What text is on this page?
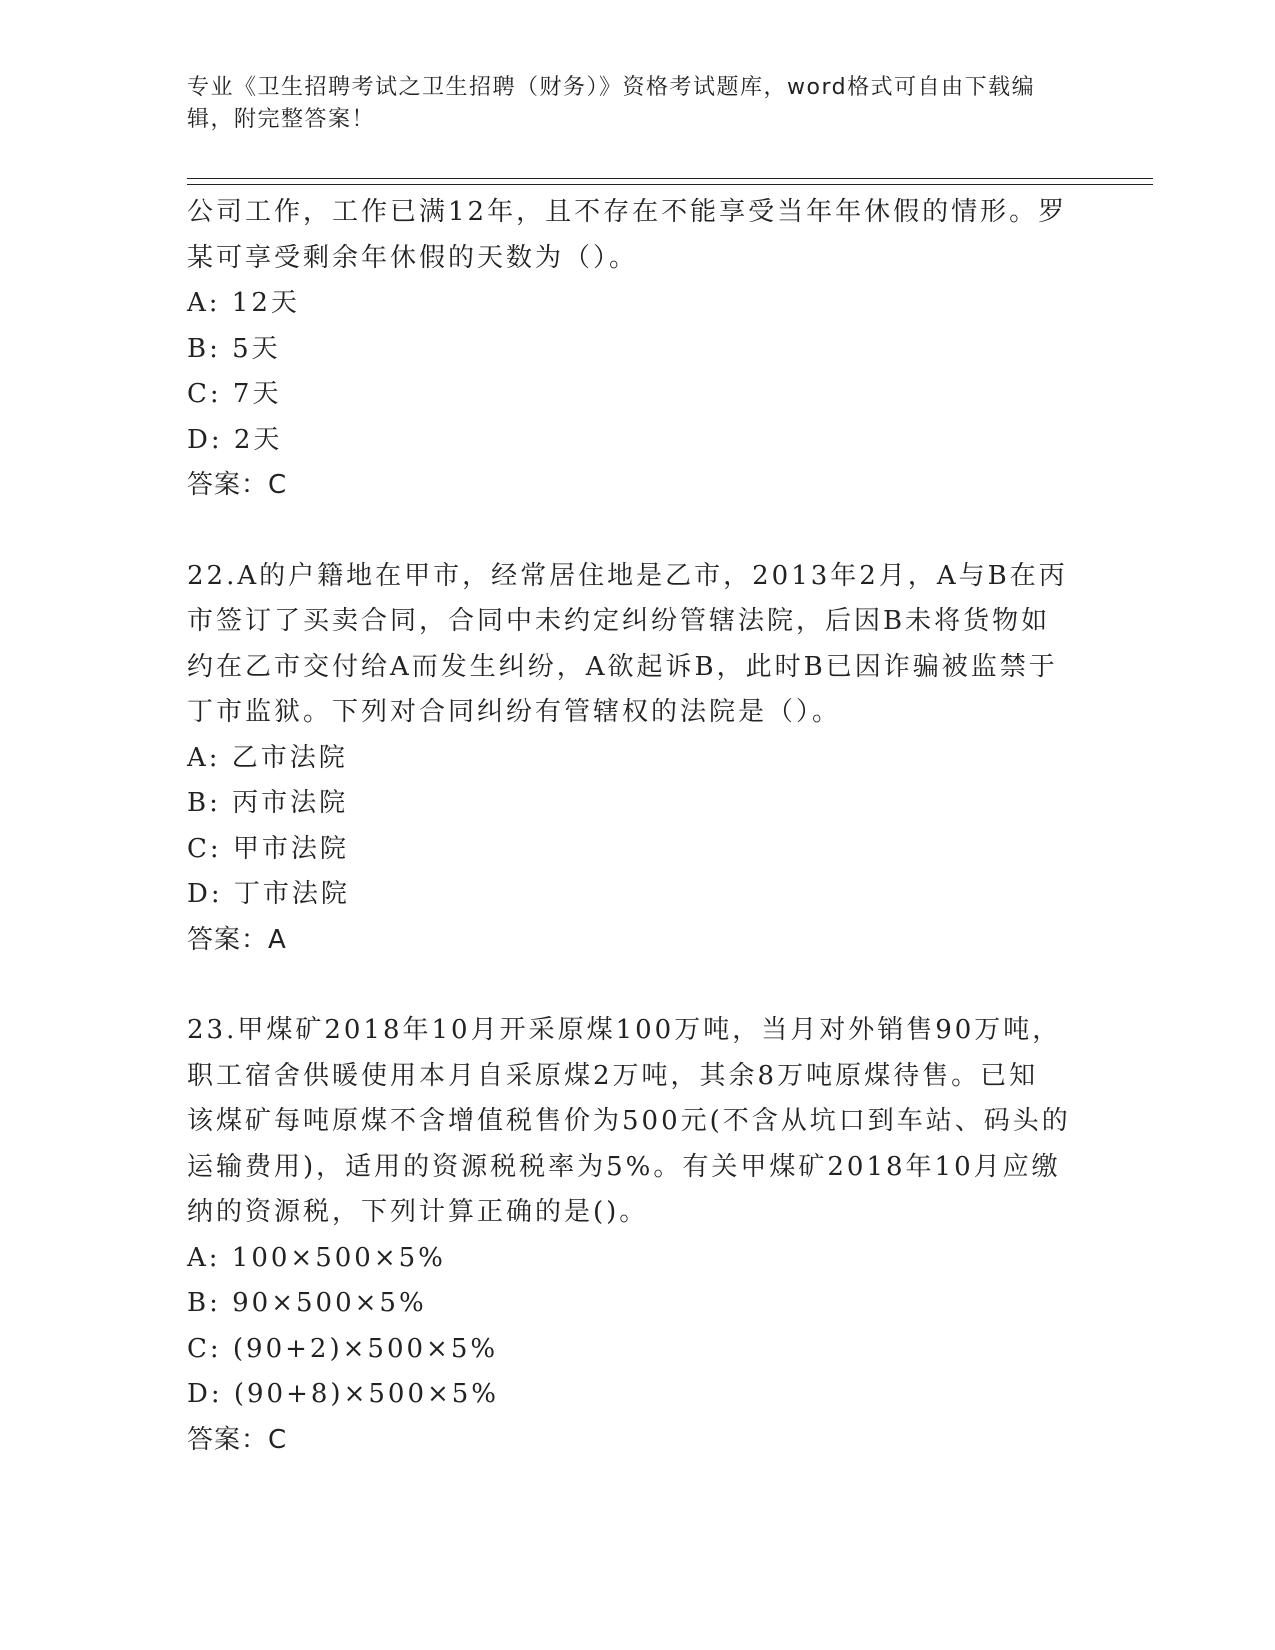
专业《卫生招聘考试之卫生招聘（财务）》资格考试题库，word格式可自由下载编辑，附完整答案！

公司工作，工作已满12年，且不存在不能享受当年年休假的情形。罗

某可享受剩余年休假的天数为（）。

A: 12天

B: 5天

C: 7天

D: 2天

答案：C

22.A的户籍地在甲市，经常居住地是乙市，2013年2月，A与B在丙

市签订了买卖合同，合同中未约定纠纷管辖法院，后因B未将货物如

约在乙市交付给A而发生纠纷，A欲起诉B，此时B已因诈骗被监禁于

丁市监狱。下列对合同纠纷有管辖权的法院是（）。

A: 乙市法院

B: 丙市法院

C: 甲市法院

D: 丁市法院

答案：A

23.甲煤矿2018年10月开采原煤100万吨，当月对外销售90万吨，

职工宿舍供暖使用本月自采原煤2万吨，其余8万吨原煤待售。已知

该煤矿每吨原煤不含增值税售价为500元(不含从坑口到车站、码头的

运输费用)，适用的资源税税率为5%。有关甲煤矿2018年10月应缴

纳的资源税，下列计算正确的是()。

A: 100×500×5%

B: 90×500×5%

C: (90+2)×500×5%

D: (90+8)×500×5%

答案：C
